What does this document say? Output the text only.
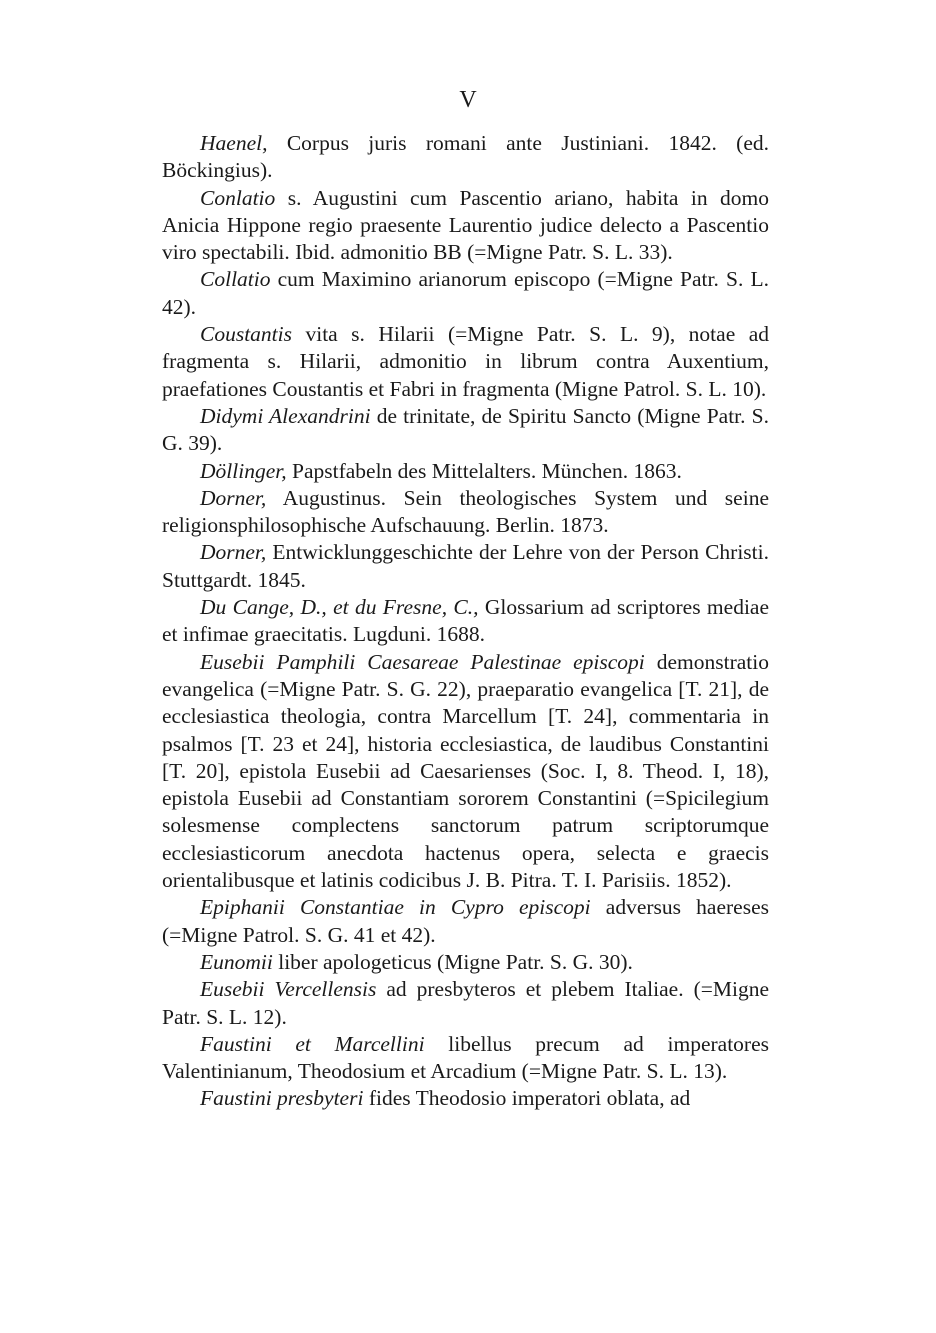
V

Haenel, Corpus juris romani ante Justiniani. 1842. (ed. Böckingius).

Conlatio s. Augustini cum Pascentio ariano, habita in domo Anicia Hippone regio praesente Laurentio judice delecto a Pascentio viro spectabili. Ibid. admonitio BB (=Migne Patr. S. L. 33).

Collatio cum Maximino arianorum episcopo (=Migne Patr. S. L. 42).

Coustantis vita s. Hilarii (=Migne Patr. S. L. 9), notae ad fragmenta s. Hilarii, admonitio in librum contra Auxentium, praefationes Coustantis et Fabri in fragmenta (Migne Patrol. S. L. 10).

Didymi Alexandrini de trinitate, de Spiritu Sancto (Migne Patr. S. G. 39).

Döllinger, Papstfabeln des Mittelalters. München. 1863.

Dorner, Augustinus. Sein theologisches System und seine religionsphilosophische Aufschauung. Berlin. 1873.

Dorner, Entwicklunggeschichte der Lehre von der Person Christi. Stuttgardt. 1845.

Du Cange, D., et du Fresne, C., Glossarium ad scriptores mediae et infimae graecitatis. Lugduni. 1688.

Eusebii Pamphili Caesareae Palestinae episcopi demonstratio evangelica (=Migne Patr. S. G. 22), praeparatio evangelica [T. 21], de ecclesiastica theologia, contra Marcellum [T. 24], commentaria in psalmos [T. 23 et 24], historia ecclesiastica, de laudibus Constantini [T. 20], epistola Eusebii ad Caesarienses (Soc. I, 8. Theod. I, 18), epistola Eusebii ad Constantiam sororem Constantini (=Spicilegium solesmense complectens sanctorum patrum scriptorumque ecclesiasticorum anecdota hactenus opera, selecta e graecis orientalibusque et latinis codicibus J. B. Pitra. T. I. Parisiis. 1852).

Epiphanii Constantiae in Cypro episcopi adversus haereses (=Migne Patrol. S. G. 41 et 42).

Eunomii liber apologeticus (Migne Patr. S. G. 30).

Eusebii Vercellensis ad presbyteros et plebem Italiae. (=Migne Patr. S. L. 12).

Faustini et Marcellini libellus precum ad imperatores Valentinianum, Theodosium et Arcadium (=Migne Patr. S. L. 13).

Faustini presbyteri fides Theodosio imperatori oblata, ad
